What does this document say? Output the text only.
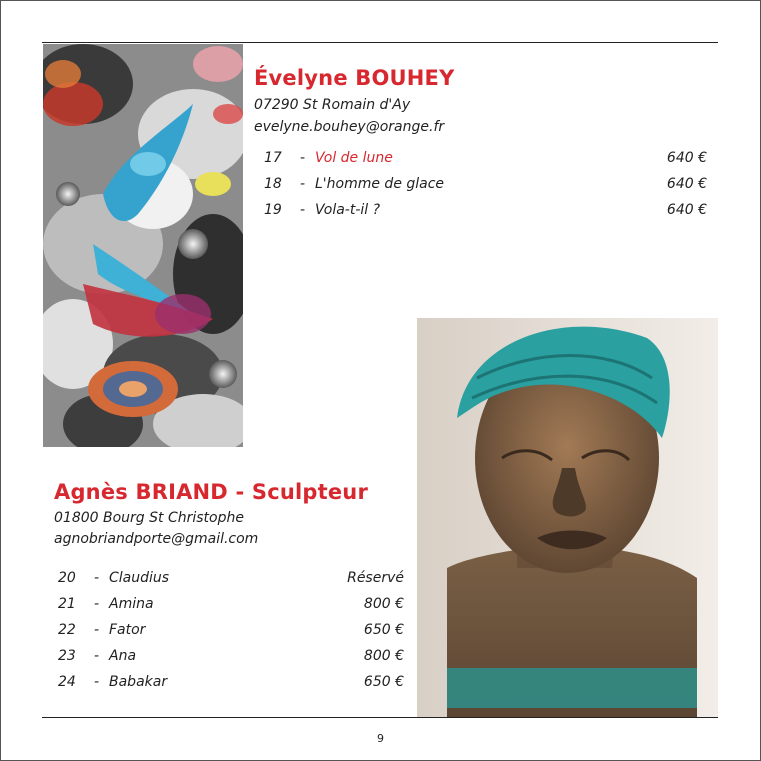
Évelyne BOUHEY
07290 St Romain d'Ay
evelyne.bouhey@orange.fr
17 - Vol de lune	640 €
18 - L'homme de glace	640 €
19 - Vola-t-il ?	640 €
Agnès BRIAND - Sculpteur
01800 Bourg St Christophe
agnobriandporte@gmail.com
20 - Claudius	Réservé
21 - Amina	800 €
22 - Fator	650 €
23 - Ana	800 €
24 - Babakar	650 €
9
